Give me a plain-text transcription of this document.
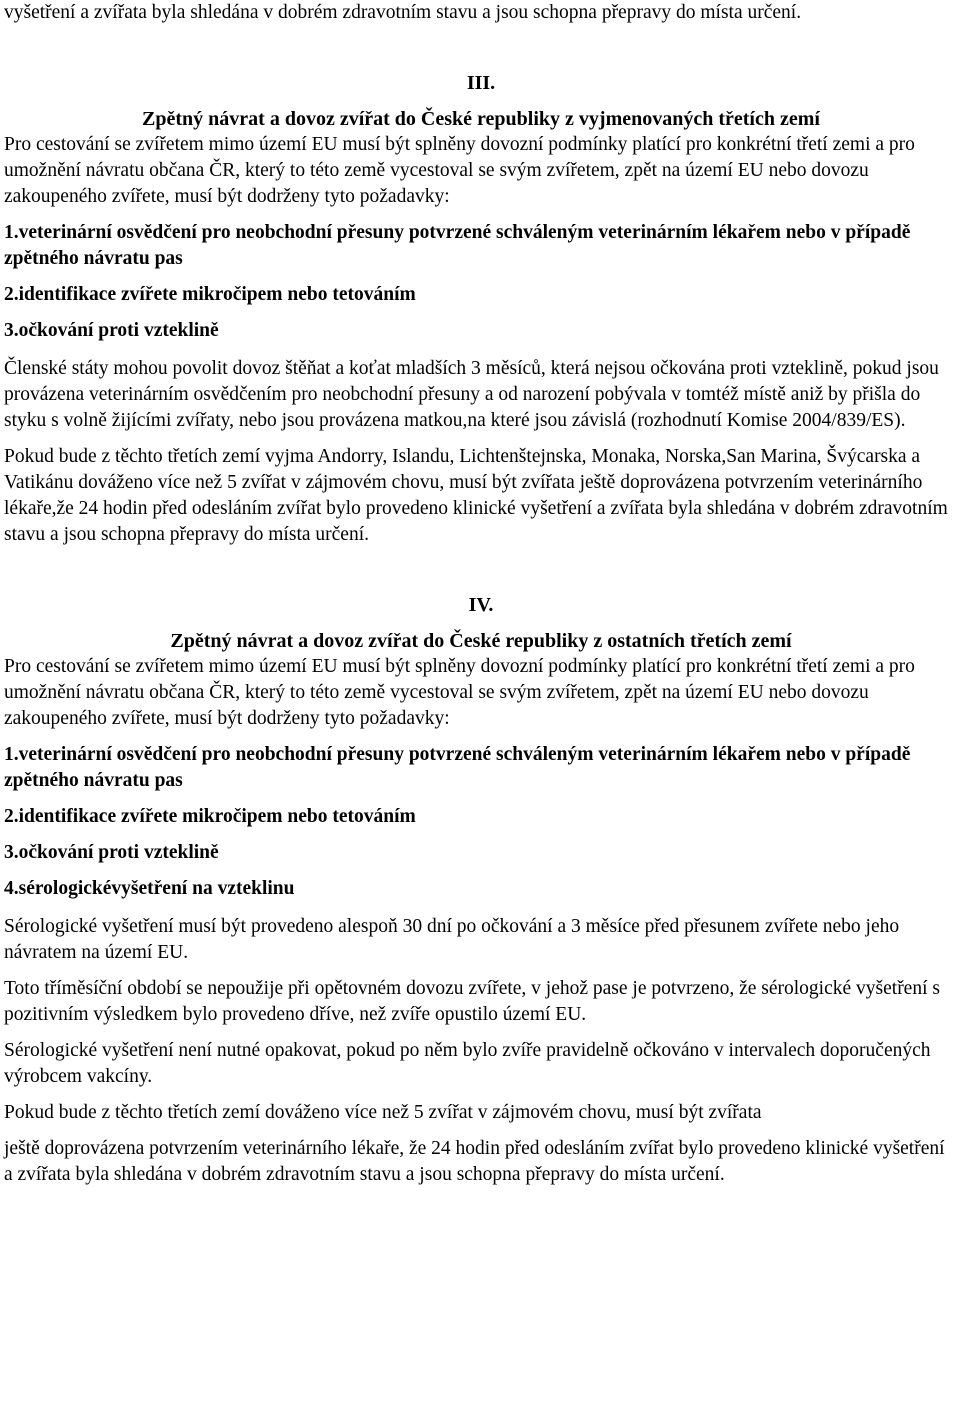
vyšetření a zvířata byla shledána v dobrém zdravotním stavu a jsou schopna přepravy do místa určení.

III.

Zpětný návrat a dovoz zvířat do České republiky z vyjmenovaných třetích zemí

Pro cestování se zvířetem mimo území EU musí být splněny dovozní podmínky platící pro konkrétní třetí zemi a pro umožnění návratu občana ČR, který to této země vycestoval se svým zvířetem, zpět na území EU nebo dovozu zakoupeného zvířete, musí být dodrženy tyto požadavky:

1.veterinární osvědčení pro neobchodní přesuny potvrzené schváleným veterinárním lékařem nebo v případě zpětného návratu pas

2.identifikace zvířete mikročipem nebo tetováním

3.očkování proti vzteklině

Členské státy mohou povolit dovoz štěňat a koťat mladších 3 měsíců, která nejsou očkována proti vzteklině, pokud jsou provázena veterinárním osvědčením pro neobchodní přesuny a od narození pobývala v tomtéž místě aniž by přišla do styku s volně žijícími zvířaty, nebo jsou provázena matkou,na které jsou závislá (rozhodnutí Komise 2004/839/ES).

Pokud bude z těchto třetích zemí vyjma Andorry, Islandu, Lichtenštejnska, Monaka, Norska,San Marina, Švýcarska a Vatikánu dováženo více než 5 zvířat v zájmovém chovu, musí být zvířata ještě doprovázena potvrzením veterinárního lékaře,že 24 hodin před odesláním zvířat bylo provedeno klinické vyšetření a zvířata byla shledána v dobrém zdravotním stavu a jsou schopna přepravy do místa určení.

IV.

Zpětný návrat a dovoz zvířat do České republiky z ostatních třetích zemí

Pro cestování se zvířetem mimo území EU musí být splněny dovozní podmínky platící pro konkrétní třetí zemi a pro umožnění návratu občana ČR, který to této země vycestoval se svým zvířetem, zpět na území EU nebo dovozu zakoupeného zvířete, musí být dodrženy tyto požadavky:

1.veterinární osvědčení pro neobchodní přesuny potvrzené schváleným veterinárním lékařem nebo v případě zpětného návratu pas

2.identifikace zvířete mikročipem nebo tetováním

3.očkování proti vzteklině

4.sérologickévyšetření na vzteklinu

Sérologické vyšetření musí být provedeno alespoň 30 dní po očkování a 3 měsíce před přesunem zvířete nebo jeho návratem na území EU.

Toto tříměsíční období se nepoužije při opětovném dovozu zvířete, v jehož pase je potvrzeno, že sérologické vyšetření s pozitivním výsledkem bylo provedeno dříve, než zvíře opustilo území EU.

Sérologické vyšetření není nutné opakovat, pokud po něm bylo zvíře pravidelně očkováno v intervalech doporučených výrobcem vakcíny.

Pokud bude z těchto třetích zemí dováženo více než 5 zvířat v zájmovém chovu, musí být zvířata

ještě doprovázena potvrzením veterinárního lékaře, že 24 hodin před odesláním zvířat bylo provedeno klinické vyšetření a zvířata byla shledána v dobrém zdravotním stavu a jsou schopna přepravy do místa určení.
